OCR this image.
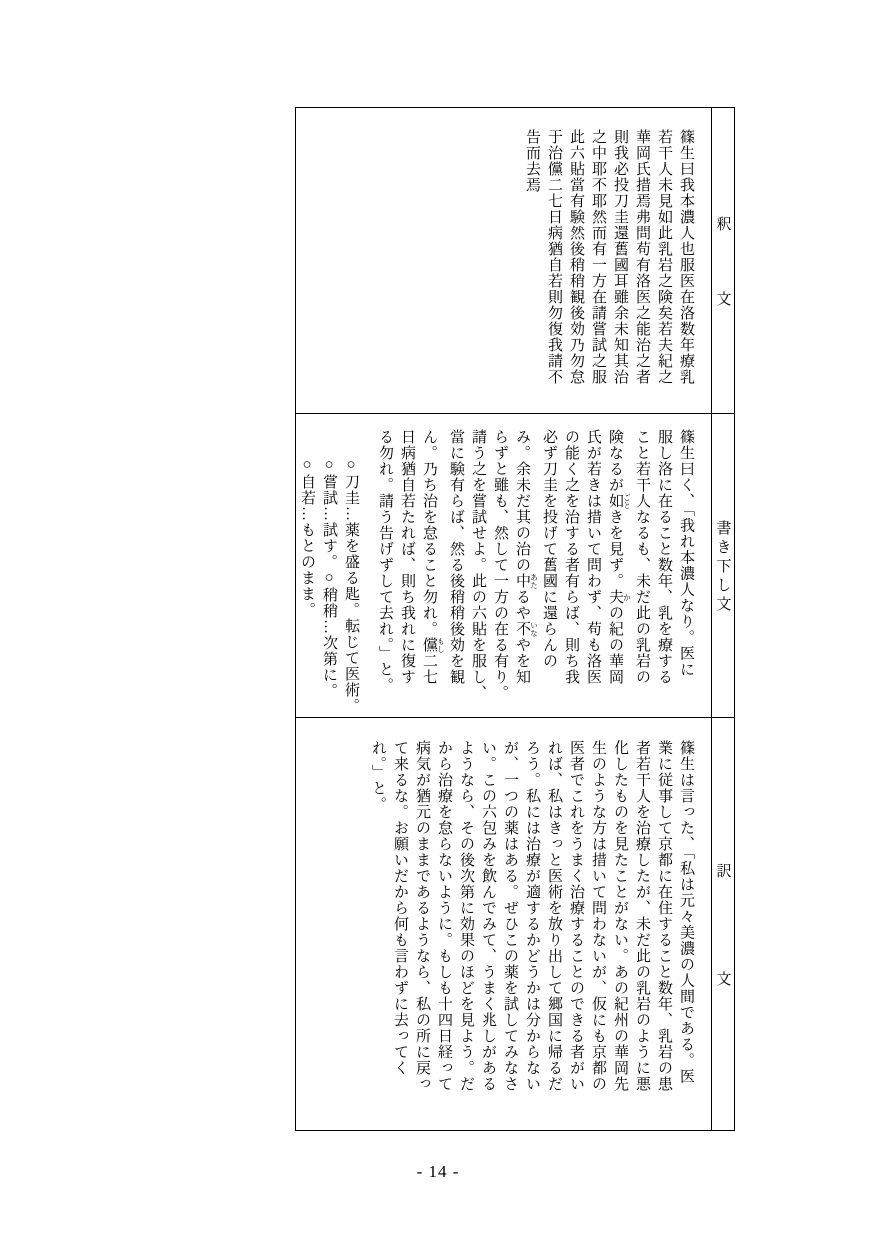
篠生曰我本濃人也服医在洛数年療乳
若干人未見如此乳岩之険矣若夫紀之
華岡氏措焉弗問苟有洛医之能治之者
則我必投刀圭還舊國耳雖余未知其治
之中耶不耶然而有一方在請嘗試之服
此六貼當有験然後稍稍観後効乃勿怠
于治儻二七日病猶自若則勿復我請不
告而去焉
釈文
篠生曰く、「我れ本濃人なり。医に
服し洛に在ること数年、乳を療する
こと若干人なるも、未だ此の乳岩の
険なるが如 ごときを見ず。夫 かの紀の華岡
氏が若きは措いて問わず、苟も洛医
の能く之を治する者有らば、則ち我
必ず刀圭を投げて舊國に還らんの
み。余未だ其の治の中 あたるや不 いなやを知
らずと雖も、然して一方の在る有り。
請う之を嘗試せよ。此の六貼を服し、
當に験有らば、然る後稍稍後効を観
ん。乃ち治を怠ること勿れ。儻 もし二七
日病猶自若たれば、則ち我れに復す
る勿れ。請う告げずして去れ。」と。
○刀圭…薬を盛る匙。転じて医術。
○嘗試…試す。○稍稍…次第に。
○自若…もとのまま。	書き下し文
篠生は言った、「私は元々美濃の人間である。医
業に従事して京都に在住すること数年、乳岩の患
者若干人を治療したが、未だ此の乳岩のように悪
化したものを見たことがない。あの紀州の華岡先
生のような方は措いて問わないが、仮にも京都の
医者でこれをうまく治療することのできる者がい
れば、私はきっと医術を放り出して郷国に帰るだ
ろう。私には治療が適するかどうかは分からない
が、一つの薬はある。ぜひこの薬を試してみなさ
い。この六包みを飲んでみて、うまく兆しがある
ようなら、その後次第に効果のほどを見よう。だ
から治療を怠らないように。もしも十四日経って
病気が猶元のままであるようなら、私の所に戻っ
て来るな。お願いだから何も言わずに去ってく
れ。」と。
訳文
- 14 -
